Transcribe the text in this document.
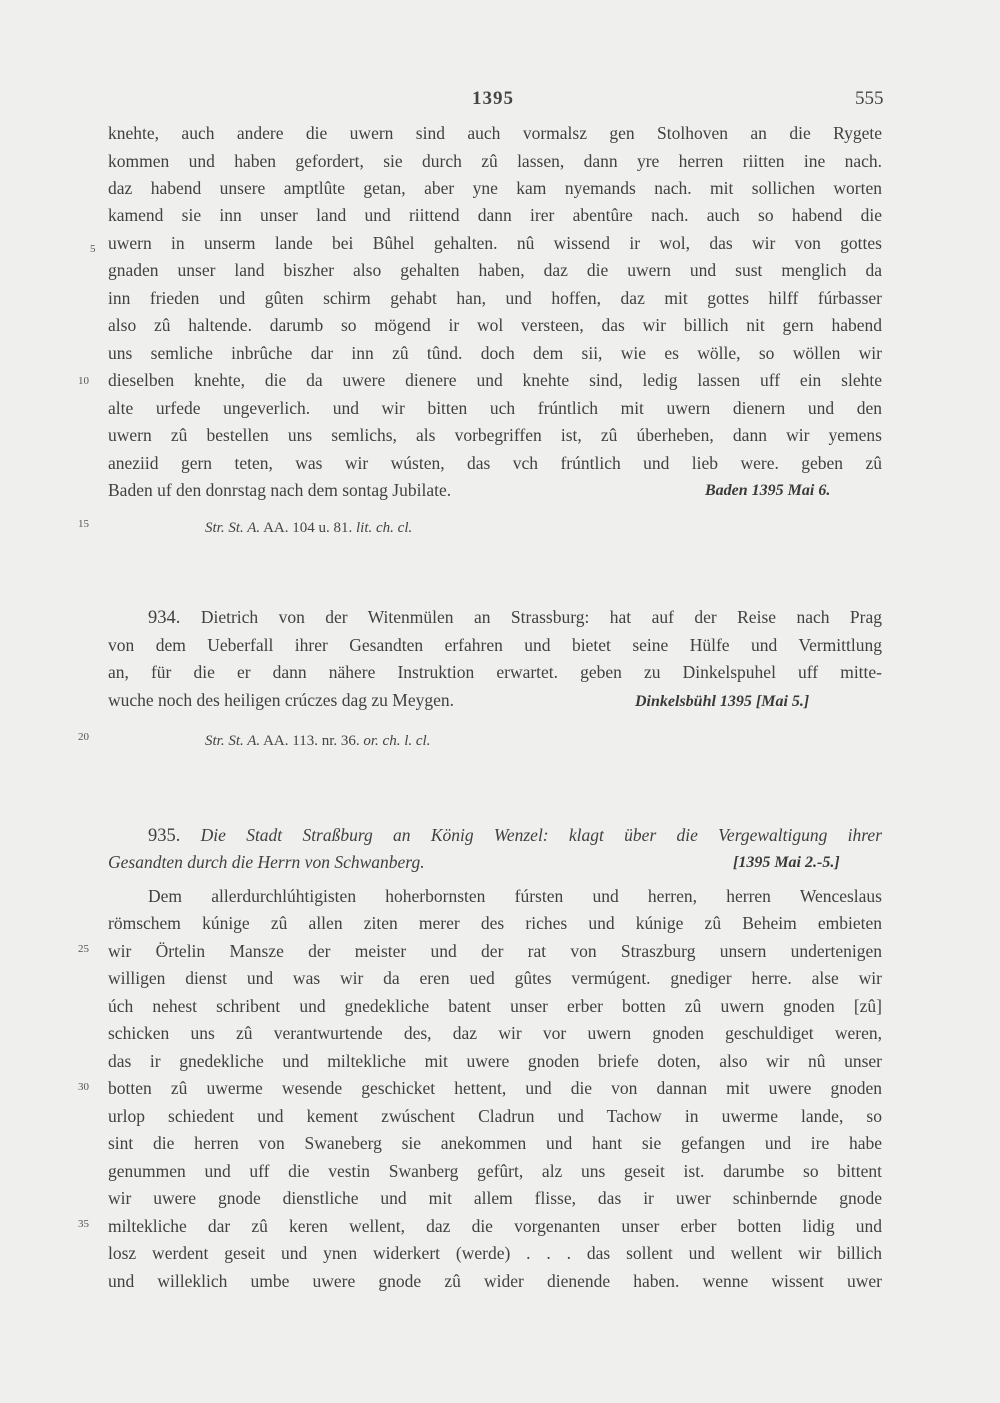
1395	555
knehte, auch andere die uwern sind auch vormalsz gen Stolhoven an die Rygete
kommen und haben gefordert, sie durch zû lassen, dann yre herren riitten ine nach.
daz habend unsere amptlûte getan, aber yne kam nyemands nach. mit sollichen worten
kamend sie inn unser land und riittend dann irer abentûre nach. auch so habend die
uwern in unserm lande bei Bûhel gehalten. nû wissend ir wol, das wir von gottes
gnaden unser land biszher also gehalten haben, daz die uwern und sust menglich da
inn frieden und gûten schirm gehabt han, und hoffen, daz mit gottes hilff fúrbasser
also zû haltende. darumb so mögend ir wol versteen, das wir billich nit gern habend
uns semliche inbrûche dar inn zû tûnd. doch dem sii, wie es wölle, so wöllen wir
dieselben knehte, die da uwere dienere und knehte sind, ledig lassen uff ein slehte
alte urfede ungeverlich. und wir bitten uch frúntlich mit uwern dienern und den
uwern zû bestellen uns semlichs, als vorbegriffen ist, zû úberheben, dann wir yemens
aneziid gern teten, was wir wústen, das vch frúntlich und lieb were. geben zû
Baden uf den donrstag nach dem sontag Jubilate.	Baden 1395 Mai 6.
Str. St. A. AA. 104 u. 81. lit. ch. cl.
934. Dietrich von der Witenmülen an Strassburg: hat auf der Reise nach Prag
von dem Ueberfall ihrer Gesandten erfahren und bietet seine Hülfe und Vermittlung
an, für die er dann nähere Instruktion erwartet. geben zu Dinkelspuhel uff mitte-
wuche noch des heiligen crúczes dag zu Meygen.	Dinkelsbühl 1395 [Mai 5.]
Str. St. A. AA. 113. nr. 36. or. ch. l. cl.
935. Die Stadt Straßburg an König Wenzel: klagt über die Vergewaltigung ihrer
Gesandten durch die Herrn von Schwanberg.	[1395 Mai 2.-5.]
Dem allerdurchlúhtigisten hoherbornsten fúrsten und herren, herren Wenceslaus
römschem kúnige zû allen ziten merer des riches und kúnige zû Beheim embieten
wir Örtelin Mansze der meister und der rat von Straszburg unsern undertenigen
willigen dienst und was wir da eren ued gûtes vermúgent. gnediger herre. alse wir
úch nehest schribent und gnedekliche batent unser erber botten zû uwern gnoden [zû]
schicken uns zû verantwurtende des, daz wir vor uwern gnoden geschuldiget weren,
das ir gnedekliche und miltekliche mit uwere gnoden briefe doten, also wir nû unser
botten zû uwerme wesende geschicket hettent, und die von dannan mit uwere gnoden
urlop schiedent und kement zwúschent Cladrun und Tachow in uwerme lande, so
sint die herren von Swaneberg sie anekommen und hant sie gefangen und ire habe
genummen und uff die vestin Swanberg gefûrt, alz uns geseit ist. darumbe so bittent
wir uwere gnode dienstliche und mit allem flisse, das ir uwer schinbernde gnode
miltekliche dar zû keren wellent, daz die vorgenanten unser erber botten lidig und
losz werdent geseit und ynen widerkert (werde) . . . das sollent und wellent wir billich
und willeklich umbe uwere gnode zû wider dienende haben. wenne wissent uwer
5
10
15
20
25
30
35
